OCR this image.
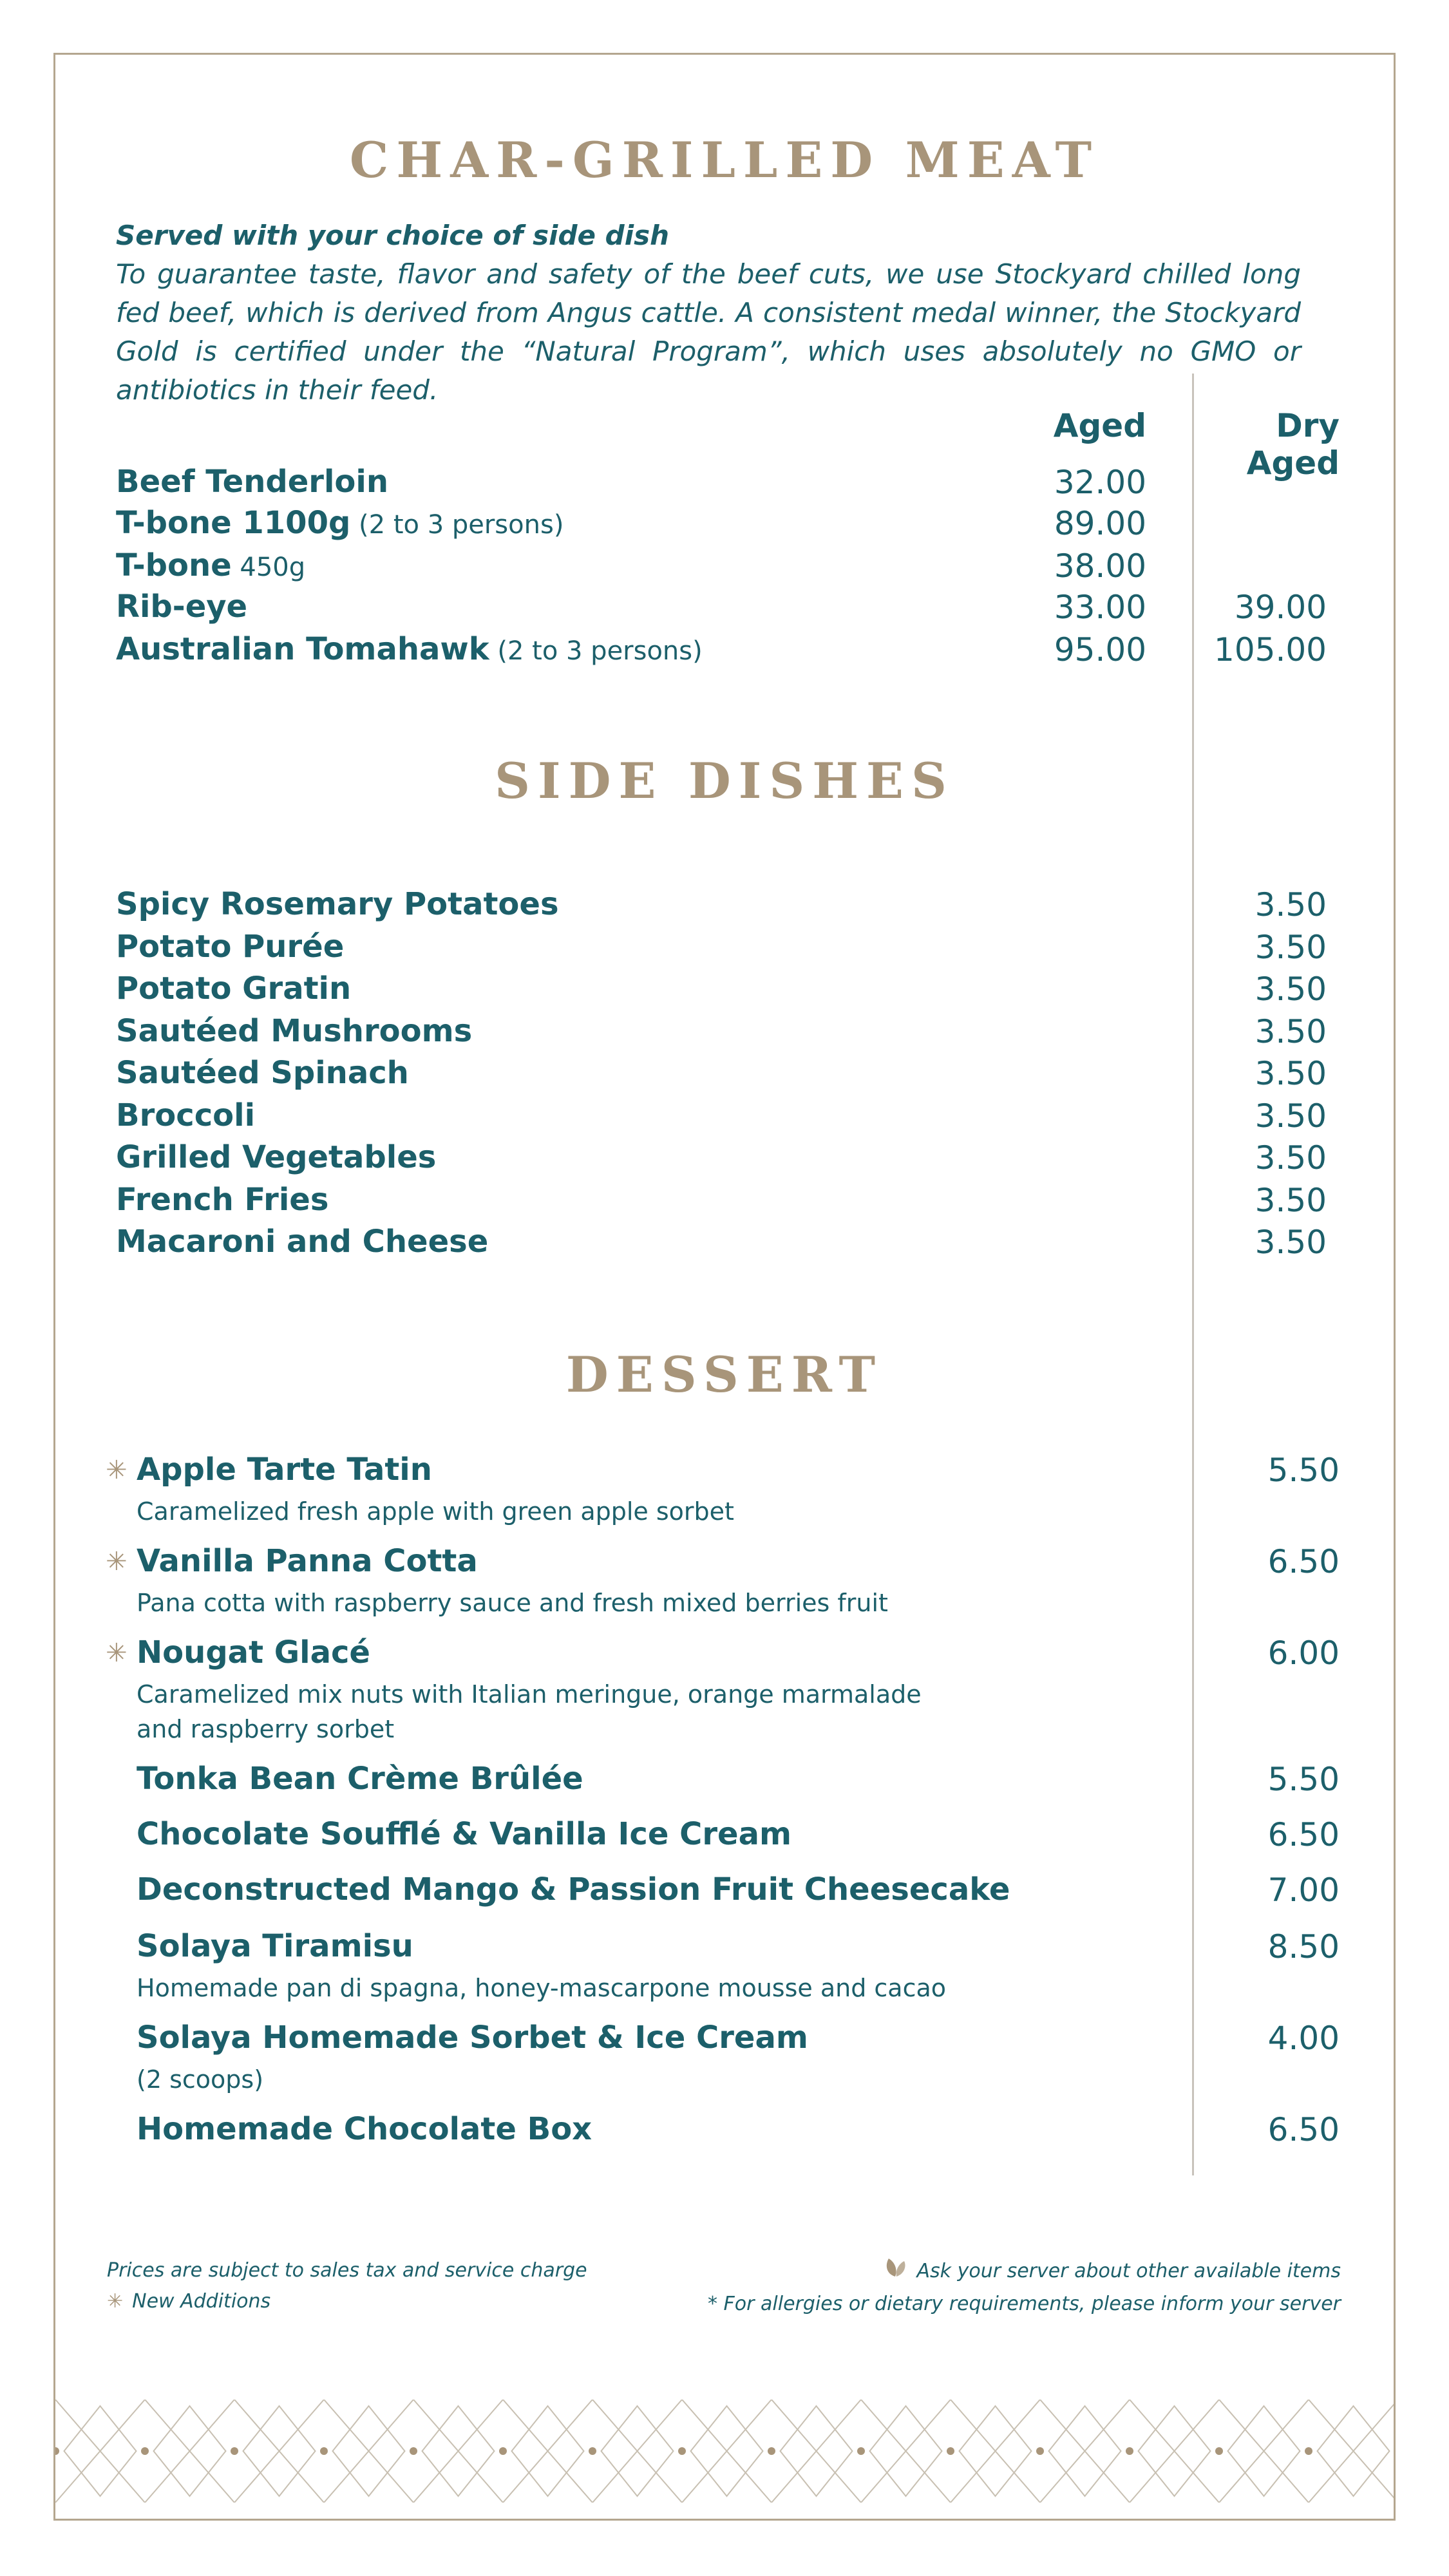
CHAR-GRILLED MEAT
Served with your choice of side dish
To guarantee taste, flavor and safety of the beef cuts, we use Stockyard chilled long fed beef, which is derived from Angus cattle. A consistent medal winner, the Stockyard Gold is certified under the “Natural Program”, which uses absolutely no GMO or antibiotics in their feed.
Aged	Dry Aged
Beef Tenderloin	32.00
T-bone 1100g (2 to 3 persons)	89.00
T-bone 450g	38.00
Rib-eye	33.00	39.00
Australian Tomahawk (2 to 3 persons)	95.00	105.00
SIDE DISHES
Spicy Rosemary Potatoes	3.50
Potato Purée	3.50
Potato Gratin	3.50
Sautéed Mushrooms	3.50
Sautéed Spinach	3.50
Broccoli	3.50
Grilled Vegetables	3.50
French Fries	3.50
Macaroni and Cheese	3.50
DESSERT
✳ Apple Tarte Tatin
Caramelized fresh apple with green apple sorbet
5.50
✳ Vanilla Panna Cotta
Pana cotta with raspberry sauce and fresh mixed berries fruit
6.50
✳ Nougat Glacé
Caramelized mix nuts with Italian meringue, orange marmalade and raspberry sorbet
6.00
Tonka Bean Crème Brûlée	5.50
Chocolate Soufflé & Vanilla Ice Cream	6.50
Deconstructed Mango & Passion Fruit Cheesecake	7.00
Solaya Tiramisu
Homemade pan di spagna, honey-mascarpone mousse and cacao
8.50
Solaya Homemade Sorbet & Ice Cream
(2 scoops)
4.00
Homemade Chocolate Box	6.50
Prices are subject to sales tax and service charge
✳ New Additions
Ask your server about other available items
* For allergies or dietary requirements, please inform your server
